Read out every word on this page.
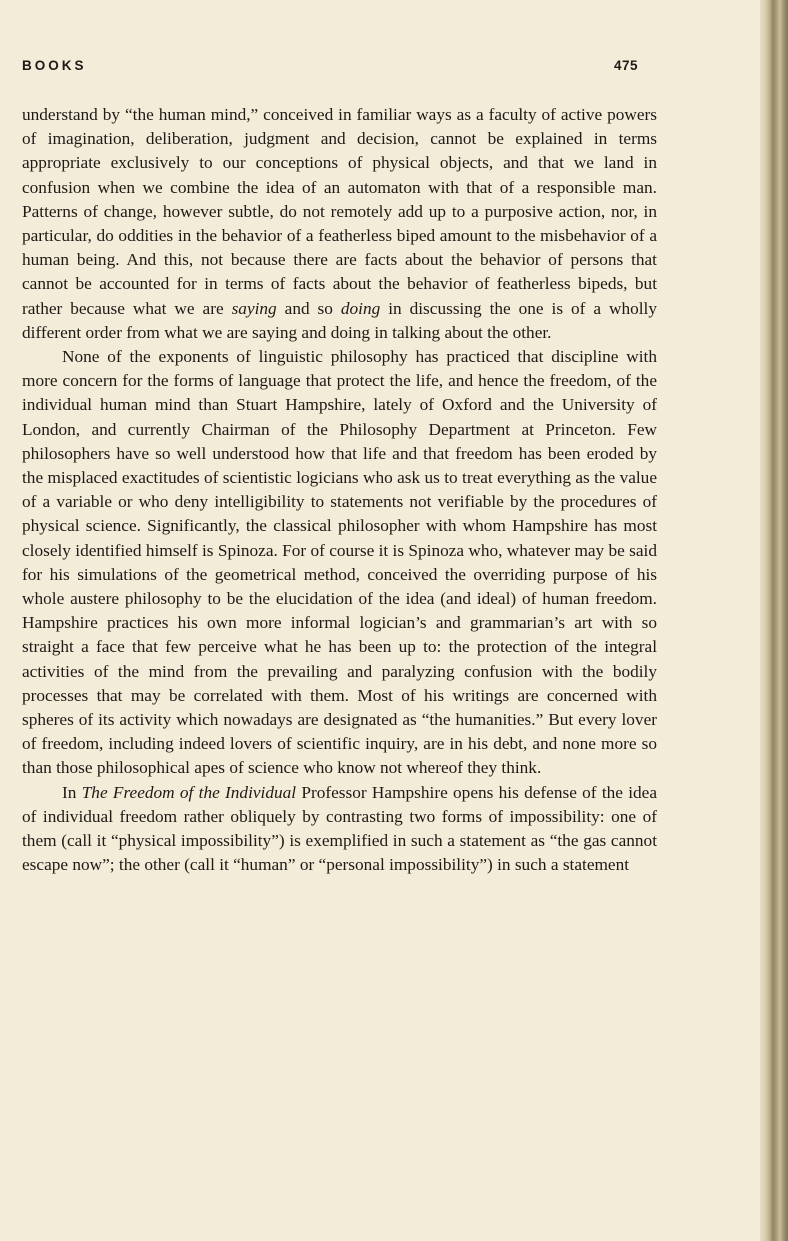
BOOKS	475

understand by “the human mind,” conceived in familiar ways as a faculty of active powers of imagination, deliberation, judgment and decision, cannot be explained in terms appropriate exclusively to our conceptions of physical objects, and that we land in confusion when we combine the idea of an automaton with that of a responsible man. Patterns of change, however subtle, do not remotely add up to a purposive action, nor, in particular, do oddities in the behavior of a featherless biped amount to the misbehavior of a human being. And this, not because there are facts about the behavior of persons that cannot be accounted for in terms of facts about the behavior of featherless bipeds, but rather because what we are saying and so doing in discussing the one is of a wholly different order from what we are saying and doing in talking about the other.

None of the exponents of linguistic philosophy has practiced that discipline with more concern for the forms of language that protect the life, and hence the freedom, of the individual human mind than Stuart Hampshire, lately of Oxford and the University of London, and currently Chairman of the Philosophy Department at Princeton. Few philosophers have so well understood how that life and that freedom has been eroded by the misplaced exactitudes of scientistic logicians who ask us to treat everything as the value of a variable or who deny intelligibility to statements not verifiable by the procedures of physical science. Significantly, the classical philosopher with whom Hampshire has most closely identified himself is Spinoza. For of course it is Spinoza who, whatever may be said for his simulations of the geometrical method, conceived the overriding purpose of his whole austere philosophy to be the elucidation of the idea (and ideal) of human freedom. Hampshire practices his own more informal logician’s and grammarian’s art with so straight a face that few perceive what he has been up to: the protection of the integral activities of the mind from the prevailing and paralyzing confusion with the bodily processes that may be correlated with them. Most of his writings are concerned with spheres of its activity which nowadays are designated as “the humanities.” But every lover of freedom, including indeed lovers of scientific inquiry, are in his debt, and none more so than those philosophical apes of science who know not whereof they think.

In The Freedom of the Individual Professor Hampshire opens his defense of the idea of individual freedom rather obliquely by contrasting two forms of impossibility: one of them (call it “physical impossibility”) is exemplified in such a statement as “the gas cannot escape now”; the other (call it “human” or “personal impossibility”) in such a statement
